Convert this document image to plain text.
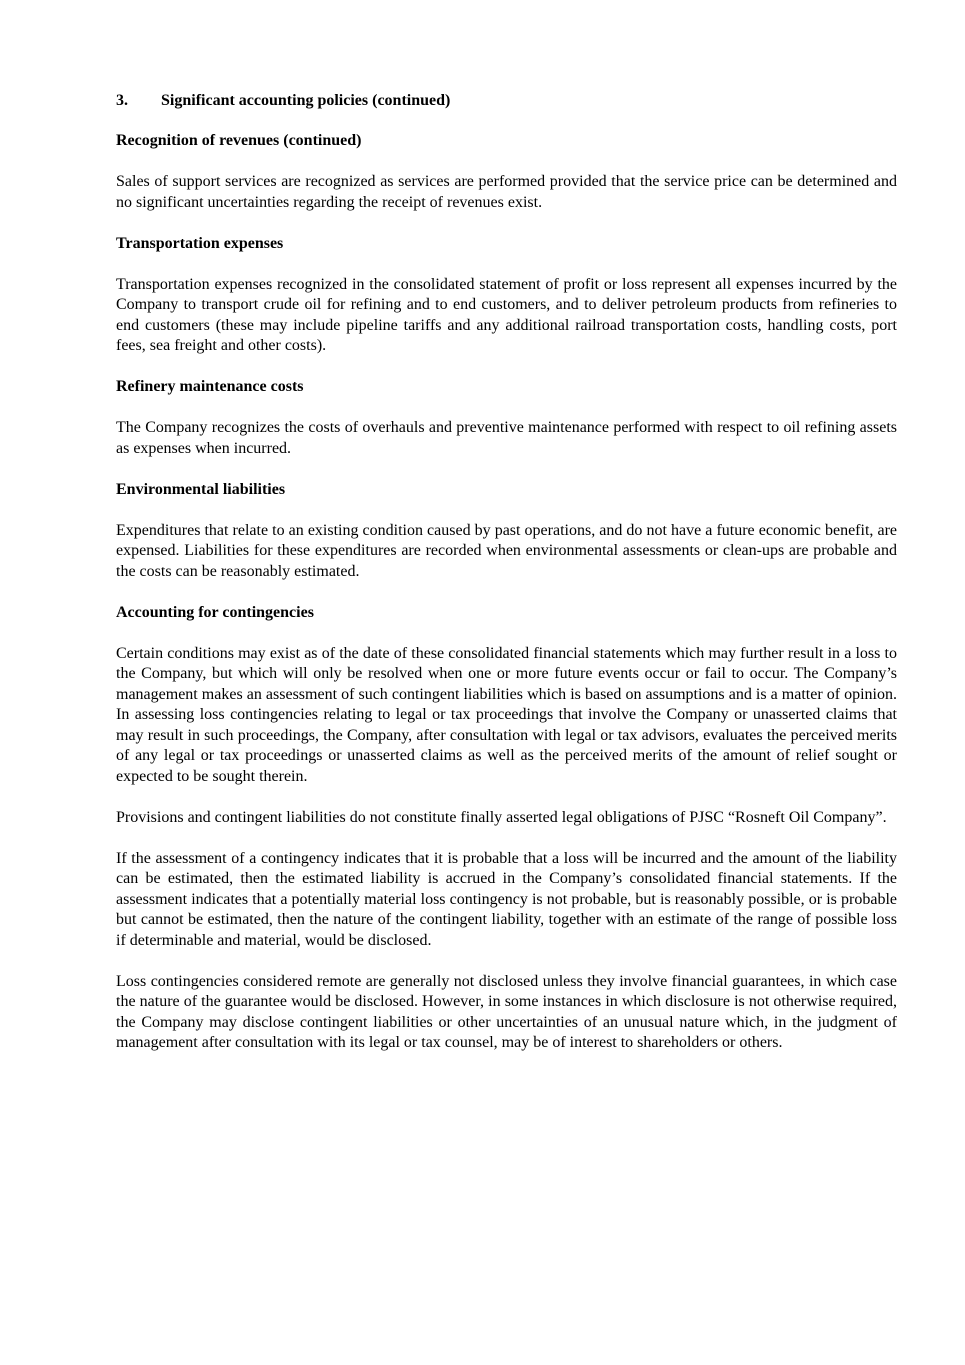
3.	Significant accounting policies (continued)
Recognition of revenues (continued)

Sales of support services are recognized as services are performed provided that the service price can be determined and no significant uncertainties regarding the receipt of revenues exist.

Transportation expenses

Transportation expenses recognized in the consolidated statement of profit or loss represent all expenses incurred by the Company to transport crude oil for refining and to end customers, and to deliver petroleum products from refineries to end customers (these may include pipeline tariffs and any additional railroad transportation costs, handling costs, port fees, sea freight and other costs).

Refinery maintenance costs

The Company recognizes the costs of overhauls and preventive maintenance performed with respect to oil refining assets as expenses when incurred.

Environmental liabilities

Expenditures that relate to an existing condition caused by past operations, and do not have a future economic benefit, are expensed. Liabilities for these expenditures are recorded when environmental assessments or clean-ups are probable and the costs can be reasonably estimated.

Accounting for contingencies

Certain conditions may exist as of the date of these consolidated financial statements which may further result in a loss to the Company, but which will only be resolved when one or more future events occur or fail to occur. The Company’s management makes an assessment of such contingent liabilities which is based on assumptions and is a matter of opinion. In assessing loss contingencies relating to legal or tax proceedings that involve the Company or unasserted claims that may result in such proceedings, the Company, after consultation with legal or tax advisors, evaluates the perceived merits of any legal or tax proceedings or unasserted claims as well as the perceived merits of the amount of relief sought or expected to be sought therein.

Provisions and contingent liabilities do not constitute finally asserted legal obligations of PJSC “Rosneft Oil Company”.

If the assessment of a contingency indicates that it is probable that a loss will be incurred and the amount of the liability can be estimated, then the estimated liability is accrued in the Company’s consolidated financial statements. If the assessment indicates that a potentially material loss contingency is not probable, but is reasonably possible, or is probable but cannot be estimated, then the nature of the contingent liability, together with an estimate of the range of possible loss if determinable and material, would be disclosed.

Loss contingencies considered remote are generally not disclosed unless they involve financial guarantees, in which case the nature of the guarantee would be disclosed. However, in some instances in which disclosure is not otherwise required, the Company may disclose contingent liabilities or other uncertainties of an unusual nature which, in the judgment of management after consultation with its legal or tax counsel, may be of interest to shareholders or others.
